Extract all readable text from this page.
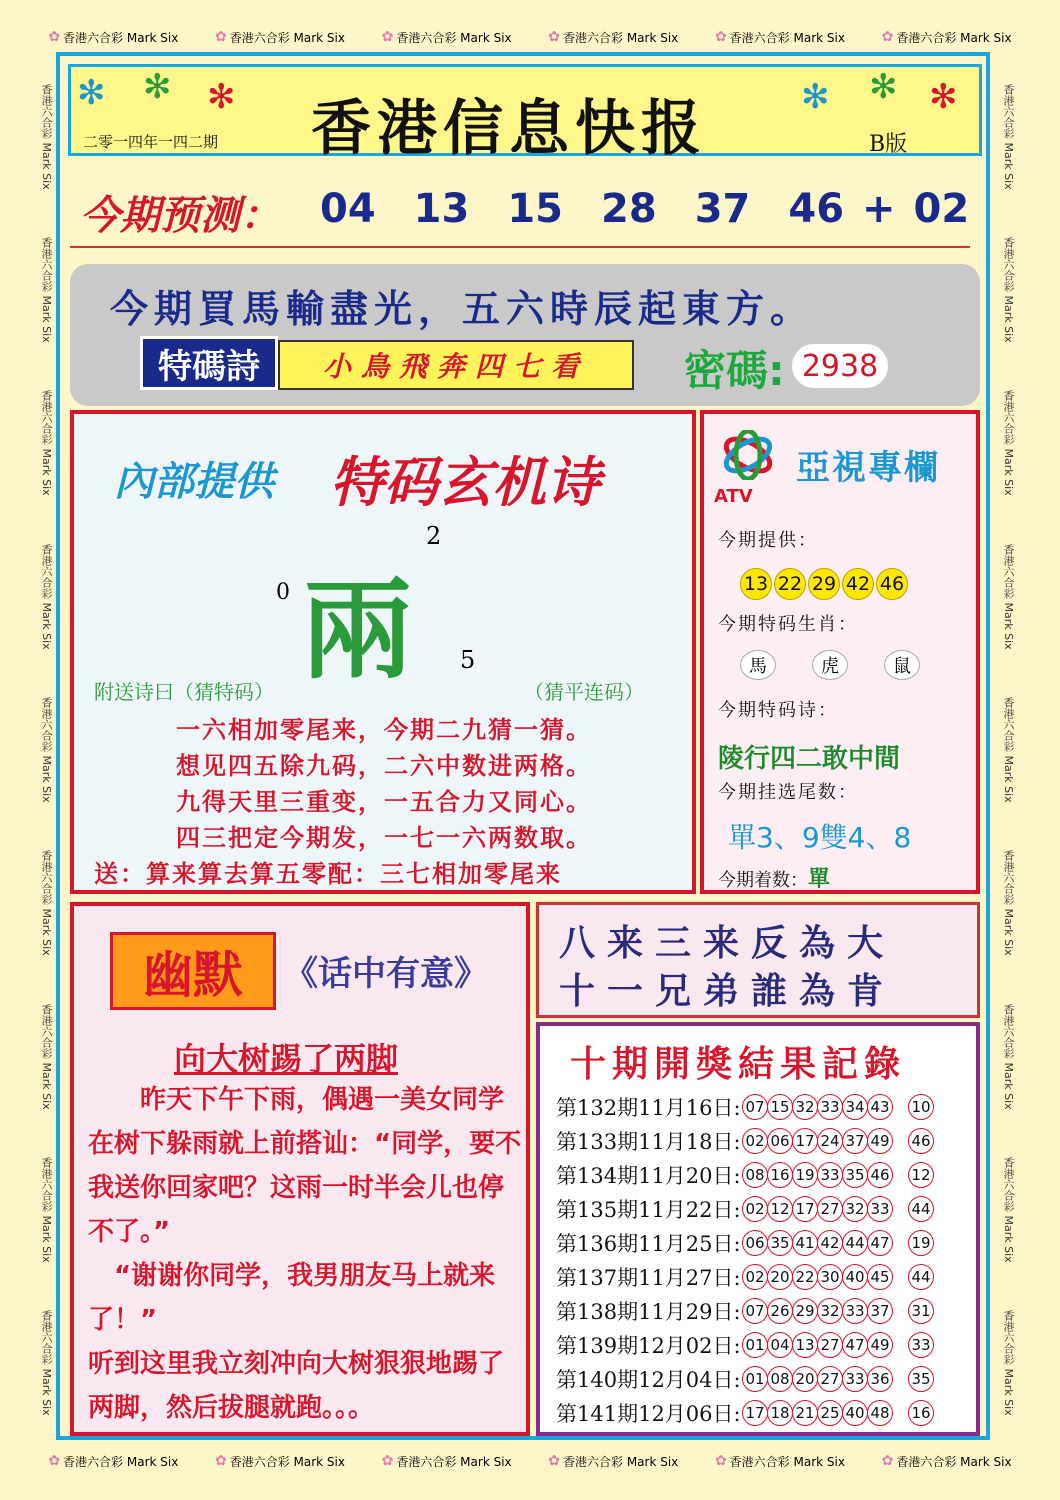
✿ 香港六合彩 Mark Six	✿ 香港六合彩 Mark Six	✿ 香港六合彩 Mark Six	✿ 香港六合彩 Mark Six	✿ 香港六合彩 Mark Six	✿ 香港六合彩 Mark Six
✿ 香港六合彩 Mark Six	✿ 香港六合彩 Mark Six	✿ 香港六合彩 Mark Six	✿ 香港六合彩 Mark Six	✿ 香港六合彩 Mark Six	✿ 香港六合彩 Mark Six
香港六合彩 Mark Six
香港六合彩 Mark Six
香港六合彩 Mark Six
香港六合彩 Mark Six
香港六合彩 Mark Six
香港六合彩 Mark Six
香港六合彩 Mark Six
香港六合彩 Mark Six
香港六合彩 Mark Six
香港六合彩 Mark Six
香港六合彩 Mark Six
香港六合彩 Mark Six
香港六合彩 Mark Six
香港六合彩 Mark Six
香港六合彩 Mark Six
香港六合彩 Mark Six
香港六合彩 Mark Six
香港六合彩 Mark Six
✻ ✻ ✻	✻ ✻ ✻
香港信息快报
二零一四年一四二期	B版
今期预测： ★ 04 ★ 13 ★ 15 ★ 28 ★ 37 ★ 46 + ★ 02
今期買馬輸盡光，五六時辰起東方。
特碼詩	小鳥飛奔四七看	密碼: 2938
內部提供 特码玄机诗
兩
2
0
5
附送诗曰（猜特码）	（猜平连码）
一六相加零尾来，今期二九猜一猜。
想见四五除九码，二六中数进两格。
九得天里三重变，一五合力又同心。
四三把定今期发，一七一六两数取。
送：算来算去算五零配：三七相加零尾来
ATV
亞視專欄
今期提供：
13 22 29 42 46
今期特码生肖：
馬	虎	鼠
今期特码诗：
陵行四二敢中間
今期挂选尾数：
單3、9雙4、8
今期着数：單
幽默	《话中有意》
向大树踢了两脚

　　昨天下午下雨，偶遇一美女同学在树下躲雨就上前搭讪：“同学，要不我送你回家吧？这雨一时半会儿也停不了。”

　“谢谢你同学，我男朋友马上就来了！”

听到这里我立刻冲向大树狠狠地踢了两脚，然后拔腿就跑。。。

八来三来反為大
十一兄弟誰為肯
十期開獎結果記錄
第132期11月16日: 07 15 32 33 34 43 10
第133期11月18日: 02 06 17 24 37 49 46
第134期11月20日: 08 16 19 33 35 46 12
第135期11月22日: 02 12 17 27 32 33 44
第136期11月25日: 06 35 41 42 44 47 19
第137期11月27日: 02 20 22 30 40 45 44
第138期11月29日: 07 26 29 32 33 37 31
第139期12月02日: 01 04 13 27 47 49 33
第140期12月04日: 01 08 20 27 33 36 35
第141期12月06日: 17 18 21 25 40 48 16
